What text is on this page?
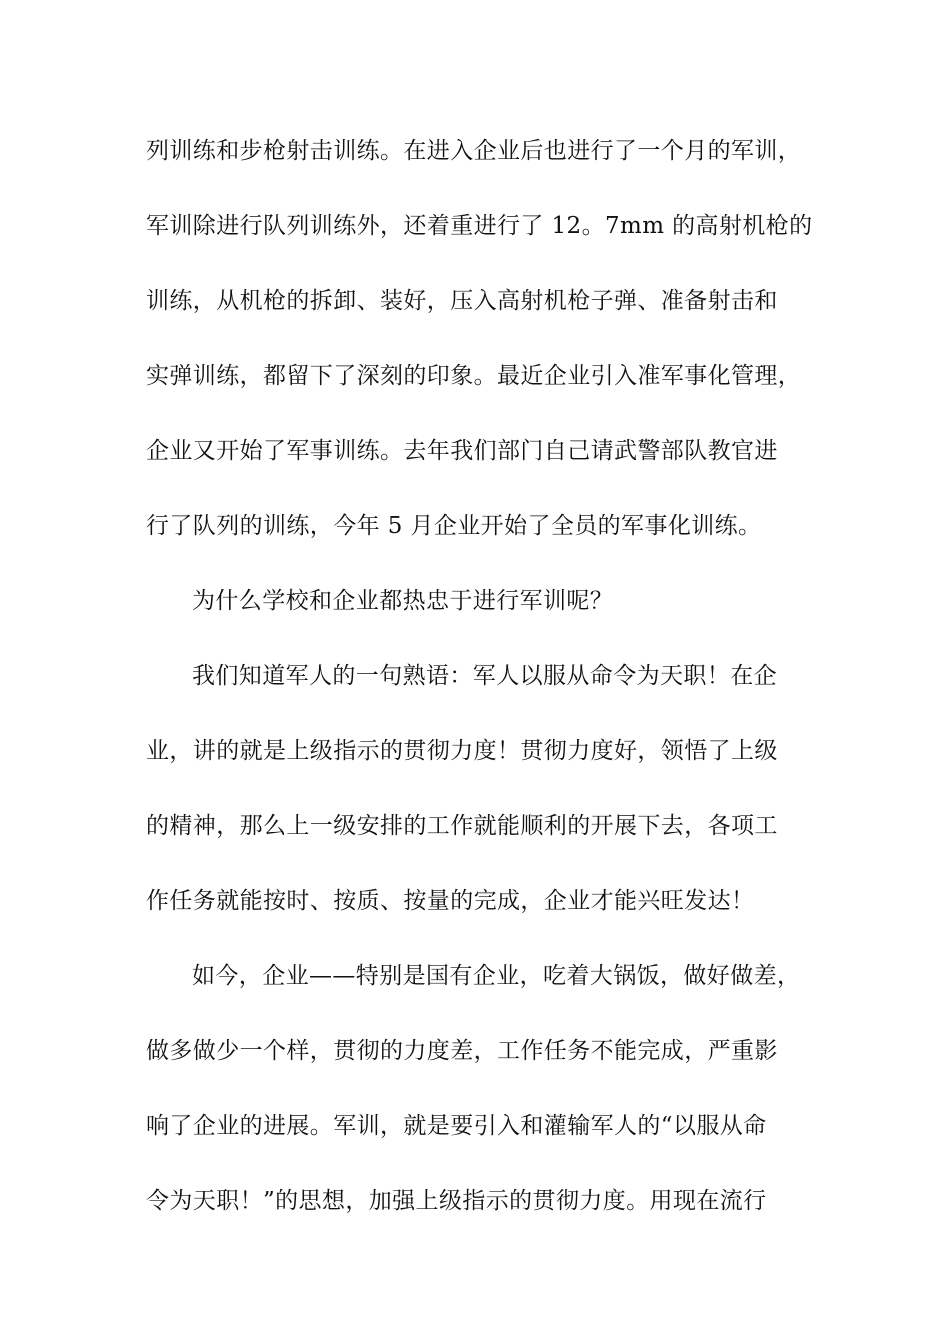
列训练和步枪射击训练。在进入企业后也进行了一个月的军训，
军训除进行队列训练外，还着重进行了 12。7mm 的高射机枪的
训练，从机枪的拆卸、装好，压入高射机枪子弹、准备射击和
实弹训练，都留下了深刻的印象。最近企业引入准军事化管理，
企业又开始了军事训练。去年我们部门自己请武警部队教官进
行了队列的训练，今年 5 月企业开始了全员的军事化训练。
为什么学校和企业都热忠于进行军训呢？
我们知道军人的一句熟语：军人以服从命令为天职！在企
业，讲的就是上级指示的贯彻力度！贯彻力度好，领悟了上级
的精神，那么上一级安排的工作就能顺利的开展下去，各项工
作任务就能按时、按质、按量的完成，企业才能兴旺发达！
如今，企业——特别是国有企业，吃着大锅饭，做好做差，
做多做少一个样，贯彻的力度差，工作任务不能完成，严重影
响了企业的进展。军训，就是要引入和灌输军人的“以服从命
令为天职！”的思想，加强上级指示的贯彻力度。用现在流行
